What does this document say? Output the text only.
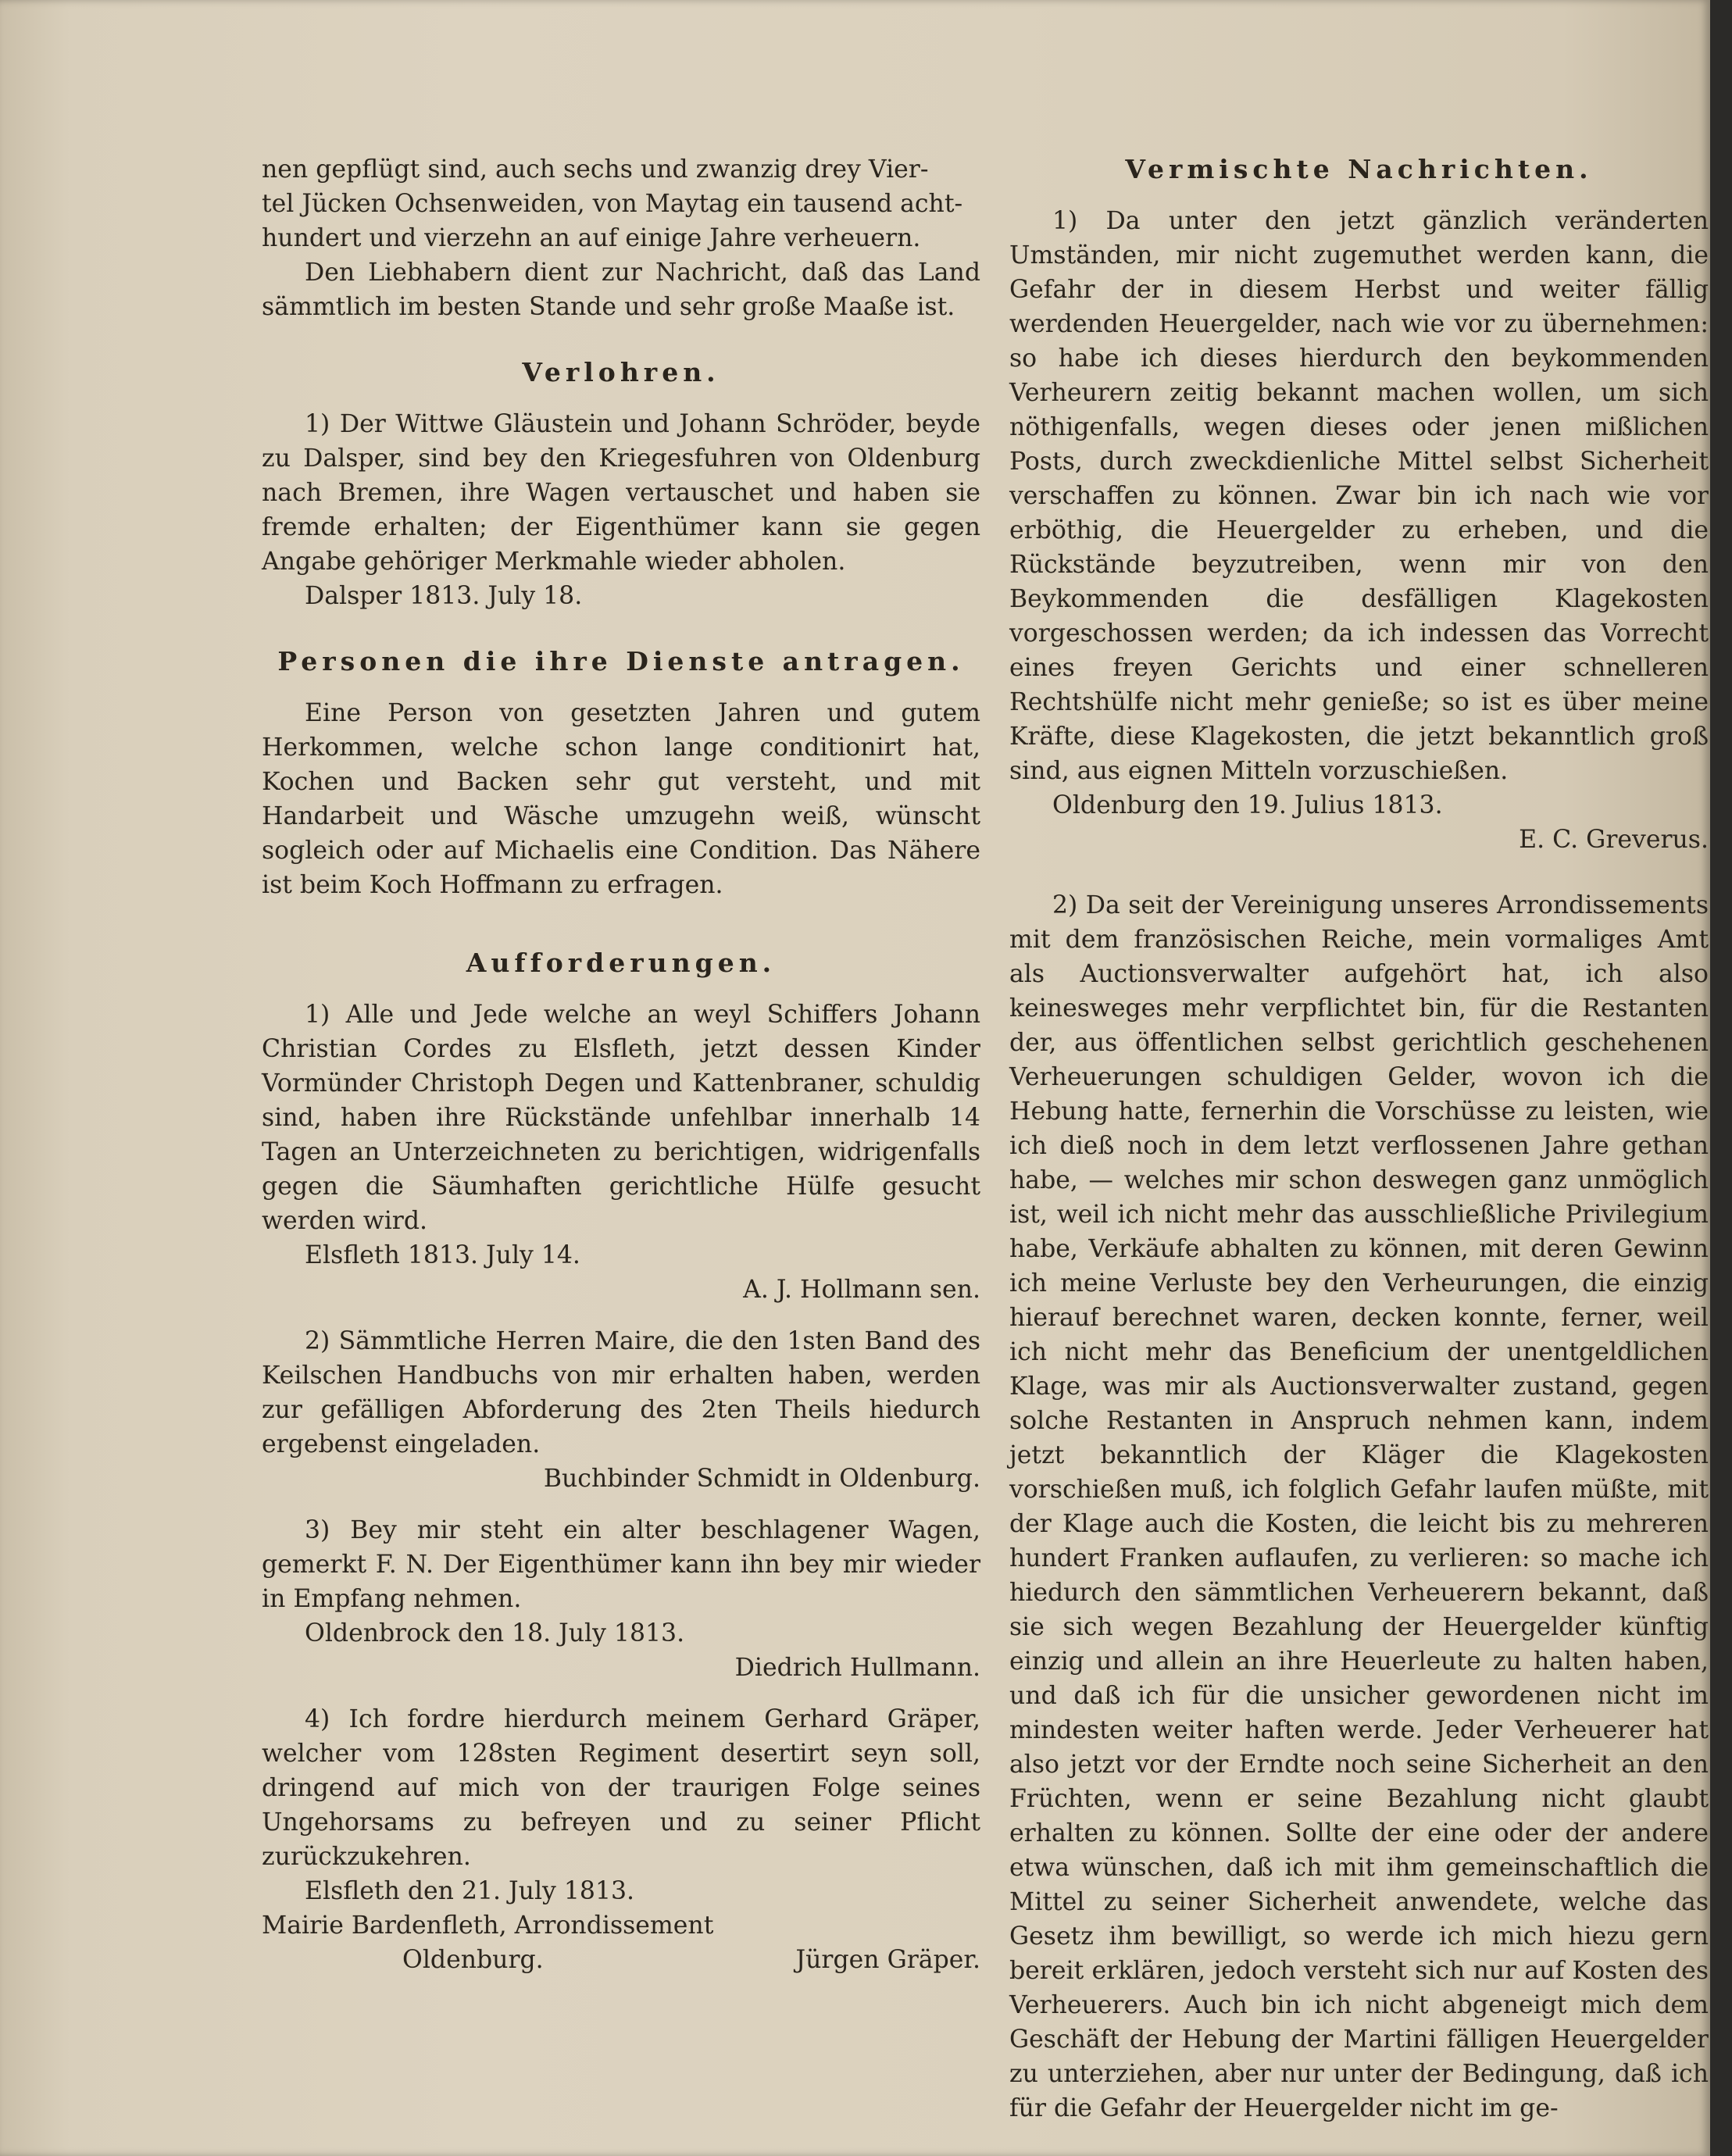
nen gepflügt sind, auch sechs und zwanzig drey Vier-

tel Jücken Ochsenweiden, von Maytag ein tausend acht-

hundert und vierzehn an auf einige Jahre verheuern.

Den Liebhabern dient zur Nachricht, daß das Land sämmtlich im besten Stande und sehr große Maaße ist.

Verlohren.

1) Der Wittwe Gläustein und Johann Schröder, beyde zu Dalsper, sind bey den Kriegesfuhren von Oldenburg nach Bremen, ihre Wagen vertauschet und haben sie fremde erhalten; der Eigenthümer kann sie gegen Angabe gehöriger Merkmahle wieder abholen.

Dalsper 1813. July 18.

Personen die ihre Dienste antragen.

Eine Person von gesetzten Jahren und gutem Herkommen, welche schon lange conditionirt hat, Kochen und Backen sehr gut versteht, und mit Handarbeit und Wäsche umzugehn weiß, wünscht sogleich oder auf Michaelis eine Condition. Das Nähere ist beim Koch Hoffmann zu erfragen.

Aufforderungen.

1) Alle und Jede welche an weyl Schiffers Johann Christian Cordes zu Elsfleth, jetzt dessen Kinder Vormünder Christoph Degen und Kattenbraner, schuldig sind, haben ihre Rückstände unfehlbar innerhalb 14 Tagen an Unterzeichneten zu berichtigen, widrigenfalls gegen die Säumhaften gerichtliche Hülfe gesucht werden wird.

Elsfleth 1813. July 14.

A. J. Hollmann sen.

2) Sämmtliche Herren Maire, die den 1sten Band des Keilschen Handbuchs von mir erhalten haben, werden zur gefälligen Abforderung des 2ten Theils hiedurch ergebenst eingeladen.

Buchbinder Schmidt in Oldenburg.

3) Bey mir steht ein alter beschlagener Wagen, gemerkt F. N. Der Eigenthümer kann ihn bey mir wieder in Empfang nehmen.

Oldenbrock den 18. July 1813.

Diedrich Hullmann.

4) Ich fordre hierdurch meinem Gerhard Gräper, welcher vom 128sten Regiment desertirt seyn soll, dringend auf mich von der traurigen Folge seines Ungehorsams zu befreyen und zu seiner Pflicht zurückzukehren.

Elsfleth den 21. July 1813.

Mairie Bardenfleth, Arrondissement

Oldenburg.	Jürgen Gräper.

Vermischte Nachrichten.

1) Da unter den jetzt gänzlich veränderten Umständen, mir nicht zugemuthet werden kann, die Gefahr der in diesem Herbst und weiter fällig werdenden Heuergelder, nach wie vor zu übernehmen: so habe ich dieses hierdurch den beykommenden Verheurern zeitig bekannt machen wollen, um sich nöthigenfalls, wegen dieses oder jenen mißlichen Posts, durch zweckdienliche Mittel selbst Sicherheit verschaffen zu können. Zwar bin ich nach wie vor erböthig, die Heuergelder zu erheben, und die Rückstände beyzutreiben, wenn mir von den Beykommenden die desfälligen Klagekosten vorgeschossen werden; da ich indessen das Vorrecht eines freyen Gerichts und einer schnelleren Rechtshülfe nicht mehr genieße; so ist es über meine Kräfte, diese Klagekosten, die jetzt bekanntlich groß sind, aus eignen Mitteln vorzuschießen.

Oldenburg den 19. Julius 1813.

E. C. Greverus.

2) Da seit der Vereinigung unseres Arrondissements mit dem französischen Reiche, mein vormaliges Amt als Auctionsverwalter aufgehört hat, ich also keinesweges mehr verpflichtet bin, für die Restanten der, aus öffentlichen selbst gerichtlich geschehenen Verheuerungen schuldigen Gelder, wovon ich die Hebung hatte, fernerhin die Vorschüsse zu leisten, wie ich dieß noch in dem letzt verflossenen Jahre gethan habe, — welches mir schon deswegen ganz unmöglich ist, weil ich nicht mehr das ausschließliche Privilegium habe, Verkäufe abhalten zu können, mit deren Gewinn ich meine Verluste bey den Verheurungen, die einzig hierauf berechnet waren, decken konnte, ferner, weil ich nicht mehr das Beneficium der unentgeldlichen Klage, was mir als Auctionsverwalter zustand, gegen solche Restanten in Anspruch nehmen kann, indem jetzt bekanntlich der Kläger die Klagekosten vorschießen muß, ich folglich Gefahr laufen müßte, mit der Klage auch die Kosten, die leicht bis zu mehreren hundert Franken auflaufen, zu verlieren: so mache ich hiedurch den sämmtlichen Verheuerern bekannt, daß sie sich wegen Bezahlung der Heuergelder künftig einzig und allein an ihre Heuerleute zu halten haben, und daß ich für die unsicher gewordenen nicht im mindesten weiter haften werde. Jeder Verheuerer hat also jetzt vor der Erndte noch seine Sicherheit an den Früchten, wenn er seine Bezahlung nicht glaubt erhalten zu können. Sollte der eine oder der andere etwa wünschen, daß ich mit ihm gemeinschaftlich die Mittel zu seiner Sicherheit anwendete, welche das Gesetz ihm bewilligt, so werde ich mich hiezu gern bereit erklären, jedoch versteht sich nur auf Kosten des Verheuerers. Auch bin ich nicht abgeneigt mich dem Geschäft der Hebung der Martini fälligen Heuergelder zu unterziehen, aber nur unter der Bedingung, daß ich für die Gefahr der Heuergelder nicht im ge-
